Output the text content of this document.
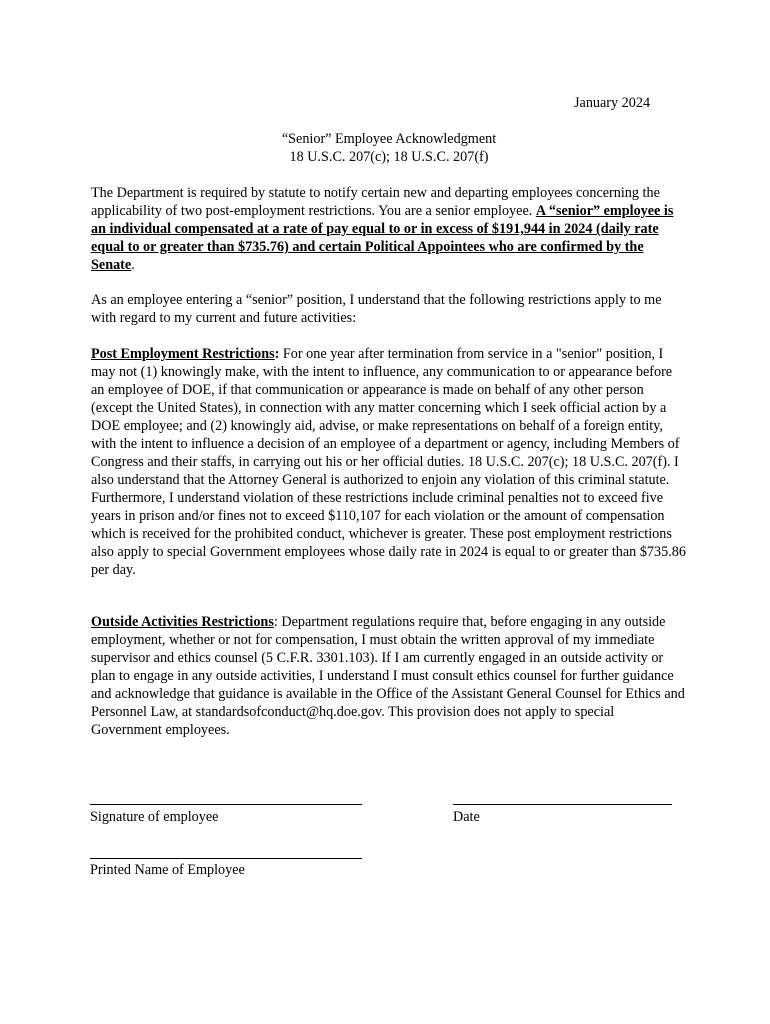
January 2024
“Senior” Employee Acknowledgment
18 U.S.C. 207(c); 18 U.S.C. 207(f)
The Department is required by statute to notify certain new and departing employees concerning the applicability of two post-employment restrictions. You are a senior employee. A “senior” employee is an individual compensated at a rate of pay equal to or in excess of $191,944 in 2024 (daily rate equal to or greater than $735.76) and certain Political Appointees who are confirmed by the Senate.
As an employee entering a “senior” position, I understand that the following restrictions apply to me with regard to my current and future activities:
Post Employment Restrictions: For one year after termination from service in a "senior" position, I may not (1) knowingly make, with the intent to influence, any communication to or appearance before an employee of DOE, if that communication or appearance is made on behalf of any other person (except the United States), in connection with any matter concerning which I seek official action by a DOE employee; and (2) knowingly aid, advise, or make representations on behalf of a foreign entity, with the intent to influence a decision of an employee of a department or agency, including Members of Congress and their staffs, in carrying out his or her official duties. 18 U.S.C. 207(c); 18 U.S.C. 207(f). I also understand that the Attorney General is authorized to enjoin any violation of this criminal statute. Furthermore, I understand violation of these restrictions include criminal penalties not to exceed five years in prison and/or fines not to exceed $110,107 for each violation or the amount of compensation which is received for the prohibited conduct, whichever is greater. These post employment restrictions also apply to special Government employees whose daily rate in 2024 is equal to or greater than $735.86 per day.
Outside Activities Restrictions: Department regulations require that, before engaging in any outside employment, whether or not for compensation, I must obtain the written approval of my immediate supervisor and ethics counsel (5 C.F.R. 3301.103). If I am currently engaged in an outside activity or plan to engage in any outside activities, I understand I must consult ethics counsel for further guidance and acknowledge that guidance is available in the Office of the Assistant General Counsel for Ethics and Personnel Law, at standardsofconduct@hq.doe.gov. This provision does not apply to special Government employees.
Signature of employee	Date
Printed Name of Employee
